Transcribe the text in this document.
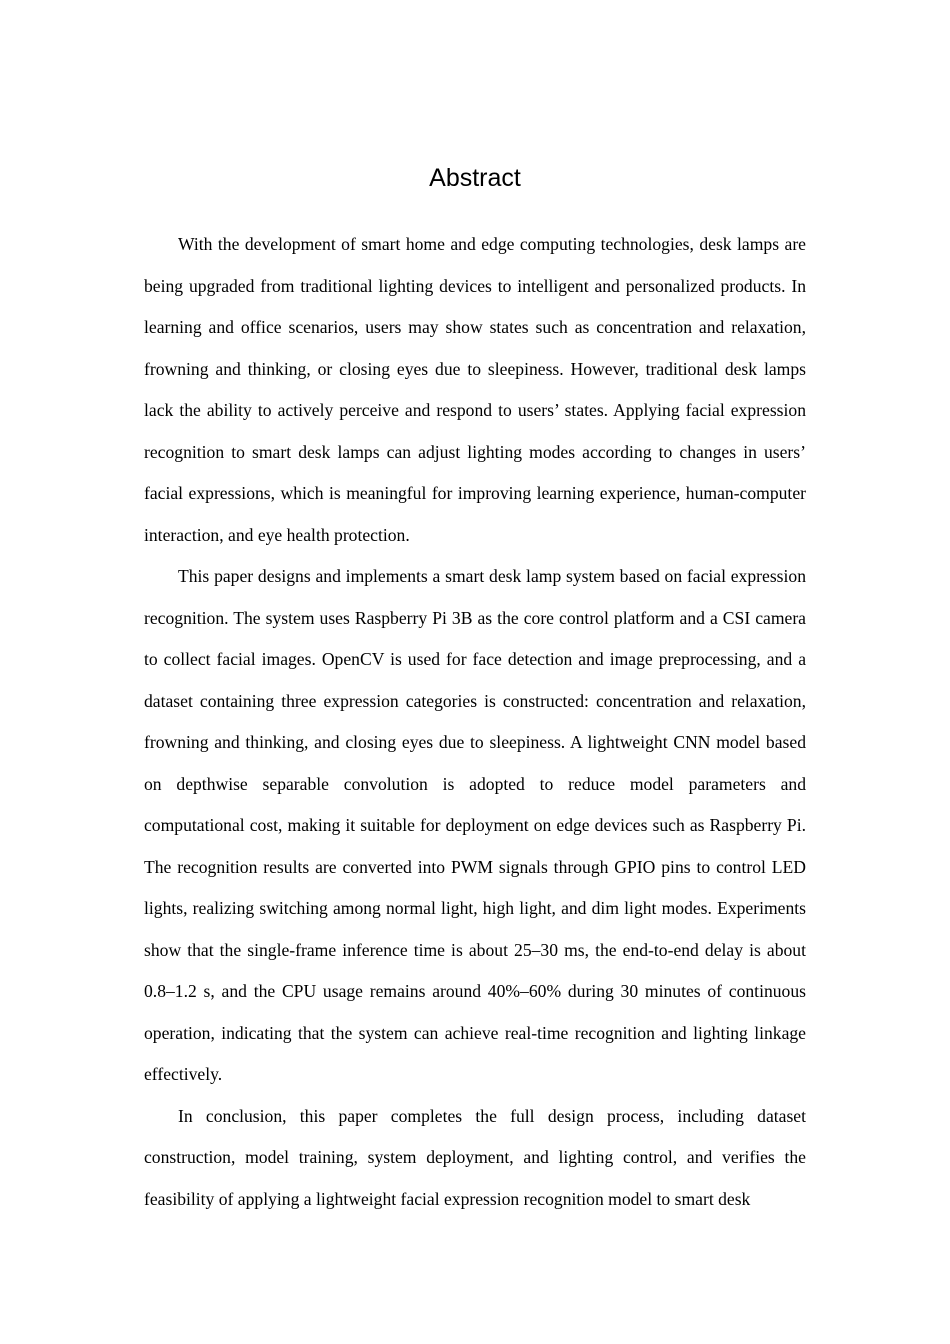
Abstract

With the development of smart home and edge computing technologies, desk lamps are being upgraded from traditional lighting devices to intelligent and personalized products. In learning and office scenarios, users may show states such as concentration and relaxation, frowning and thinking, or closing eyes due to sleepiness. However, traditional desk lamps lack the ability to actively perceive and respond to users’ states. Applying facial expression recognition to smart desk lamps can adjust lighting modes according to changes in users’ facial expressions, which is meaningful for improving learning experience, human-computer interaction, and eye health protection.

This paper designs and implements a smart desk lamp system based on facial expression recognition. The system uses Raspberry Pi 3B as the core control platform and a CSI camera to collect facial images. OpenCV is used for face detection and image preprocessing, and a dataset containing three expression categories is constructed: concentration and relaxation, frowning and thinking, and closing eyes due to sleepiness. A lightweight CNN model based on depthwise separable convolution is adopted to reduce model parameters and computational cost, making it suitable for deployment on edge devices such as Raspberry Pi. The recognition results are converted into PWM signals through GPIO pins to control LED lights, realizing switching among normal light, high light, and dim light modes. Experiments show that the single-frame inference time is about 25–30 ms, the end-to-end delay is about 0.8–1.2 s, and the CPU usage remains around 40%–60% during 30 minutes of continuous operation, indicating that the system can achieve real-time recognition and lighting linkage effectively.

In conclusion, this paper completes the full design process, including dataset construction, model training, system deployment, and lighting control, and verifies the feasibility of applying a lightweight facial expression recognition model to smart desk
